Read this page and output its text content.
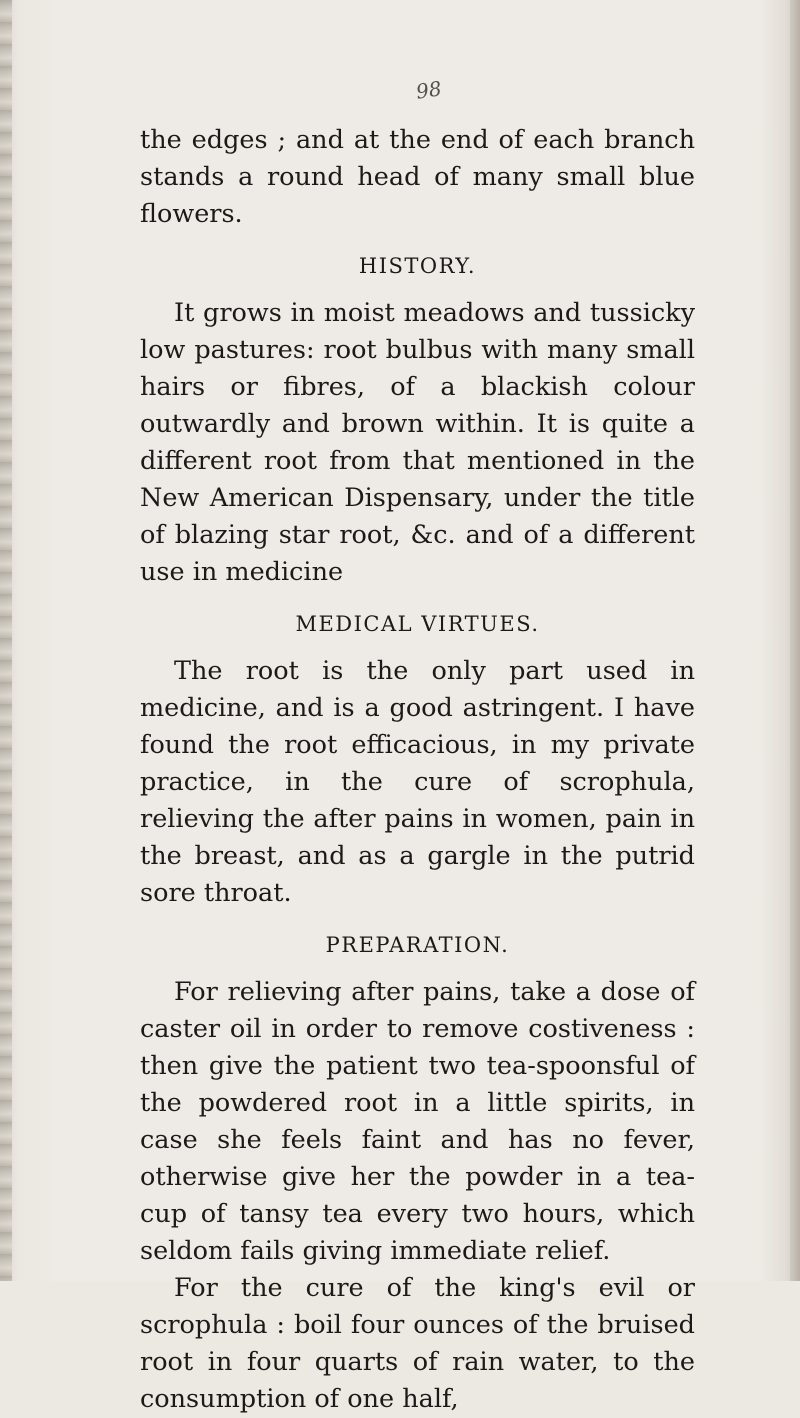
98

the edges ; and at the end of each branch stands a round head of many small blue flowers.

HISTORY.

It grows in moist meadows and tussicky low pastures: root bulbus with many small hairs or fibres, of a blackish colour outwardly and brown within. It is quite a different root from that mentioned in the New American Dispensary, under the title of blazing star root, &c. and of a different use in medicine

MEDICAL VIRTUES.

The root is the only part used in medicine, and is a good astringent. I have found the root efficacious, in my private practice, in the cure of scrophula, relieving the after pains in women, pain in the breast, and as a gargle in the putrid sore throat.

PREPARATION.

For relieving after pains, take a dose of caster oil in order to remove costiveness : then give the patient two tea-spoonsful of the powdered root in a little spirits, in case she feels faint and has no fever, otherwise give her the powder in a tea-cup of tansy tea every two hours, which seldom fails giving immediate relief.

For the cure of the king's evil or scrophula : boil four ounces of the bruised root in four quarts of rain water, to the consumption of one half,
